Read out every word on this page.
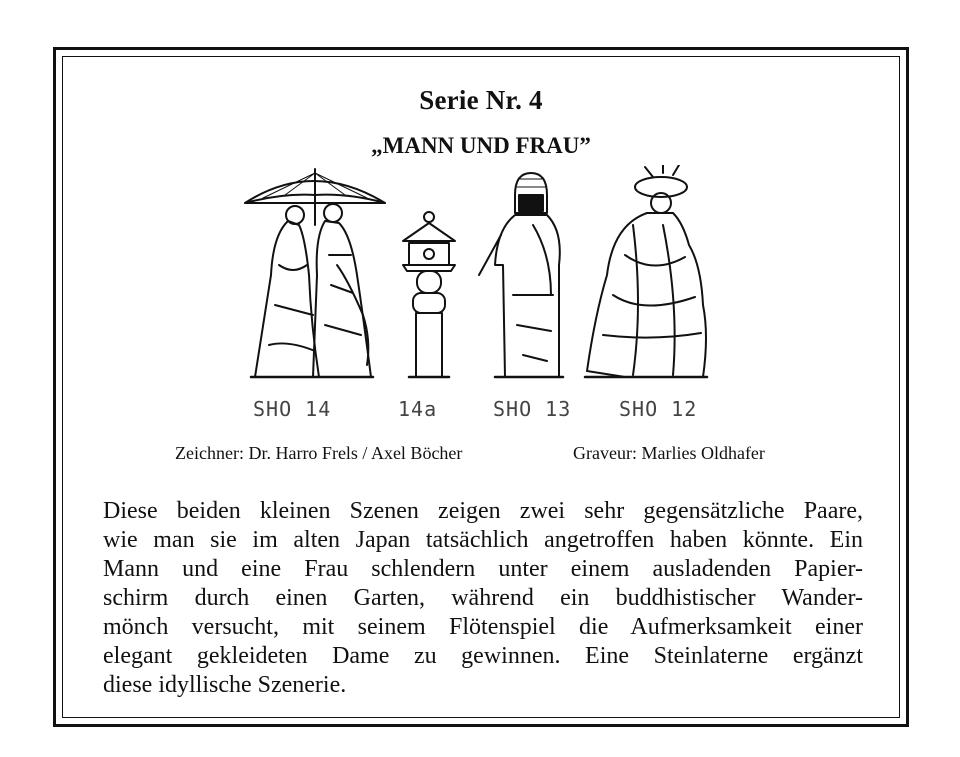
Serie Nr. 4
„MANN UND FRAU”
SHO 14	14a	SHO 13 SHO 12
Zeichner: Dr. Harro Frels / Axel Böcher	Graveur: Marlies Oldhafer
Diese beiden kleinen Szenen zeigen zwei sehr gegensätzliche Paare,
wie man sie im alten Japan tatsächlich angetroffen haben könnte. Ein
Mann und eine Frau schlendern unter einem ausladenden Papier-
schirm durch einen Garten, während ein buddhistischer Wander-
mönch versucht, mit seinem Flötenspiel die Aufmerksamkeit einer
elegant gekleideten Dame zu gewinnen. Eine Steinlaterne ergänzt
diese idyllische Szenerie.
